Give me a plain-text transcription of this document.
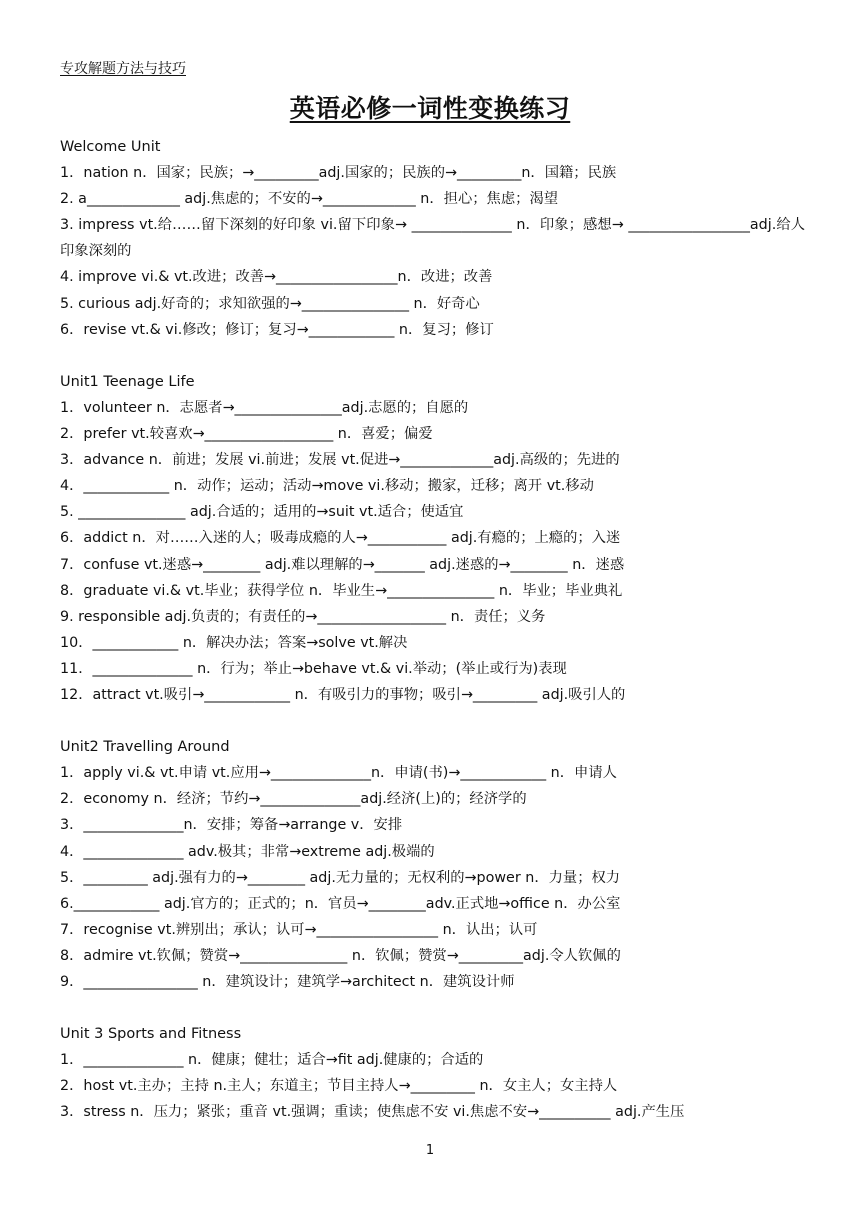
专攻解题方法与技巧
英语必修一词性变换练习
Welcome Unit
1．nation n．国家；民族；→_________adj.国家的；民族的→_________n．国籍；民族
2. a_____________ adj.焦虑的；不安的→_____________ n．担心；焦虑；渴望
3. impress vt.给……留下深刻的好印象 vi.留下印象→ ______________ n．印象；感想→ _________________adj.给人印象深刻的
4. improve vi.& vt.改进；改善→_________________n．改进；改善
5. curious adj.好奇的；求知欲强的→_______________ n．好奇心
6．revise vt.& vi.修改；修订；复习→____________ n．复习；修订
Unit1 Teenage Life
1．volunteer n．志愿者→_______________adj.志愿的；自愿的
2．prefer vt.较喜欢→__________________ n．喜爱；偏爱
3．advance n．前进；发展 vi.前进；发展 vt.促进→_____________adj.高级的；先进的
4．____________ n．动作；运动；活动→move vi.移动；搬家，迁移；离开 vt.移动
5. _______________ adj.合适的；适用的→suit vt.适合；使适宜
6．addict n．对……入迷的人；吸毒成瘾的人→___________ adj.有瘾的；上瘾的；入迷
7．confuse vt.迷惑→________ adj.难以理解的→_______ adj.迷惑的→________ n．迷惑
8．graduate vi.& vt.毕业；获得学位 n．毕业生→_______________ n．毕业；毕业典礼
9. responsible adj.负责的；有责任的→__________________ n．责任；义务
10．____________ n．解决办法；答案→solve vt.解决
11．______________ n．行为；举止→behave vt.& vi.举动；(举止或行为)表现
12．attract vt.吸引→____________ n．有吸引力的事物；吸引→_________ adj.吸引人的
Unit2 Travelling Around
1．apply vi.& vt.申请 vt.应用→______________n．申请(书)→____________ n．申请人
2．economy n．经济；节约→______________adj.经济(上)的；经济学的
3．______________n．安排；筹备→arrange v．安排
4．______________ adv.极其；非常→extreme adj.极端的
5．_________ adj.强有力的→________ adj.无力量的；无权利的→power n．力量；权力
6.____________ adj.官方的；正式的；n．官员→________adv.正式地→office n．办公室
7．recognise vt.辨别出；承认；认可→_________________ n．认出；认可
8．admire vt.钦佩；赞赏→_______________ n．钦佩；赞赏→_________adj.令人钦佩的
9．________________ n．建筑设计；建筑学→architect n．建筑设计师
Unit 3 Sports and Fitness
1．______________ n．健康；健壮；适合→fit adj.健康的；合适的
2．host vt.主办；主持 n.主人；东道主；节目主持人→_________ n．女主人；女主持人
3．stress n．压力；紧张；重音 vt.强调；重读；使焦虑不安 vi.焦虑不安→__________ adj.产生压
1
